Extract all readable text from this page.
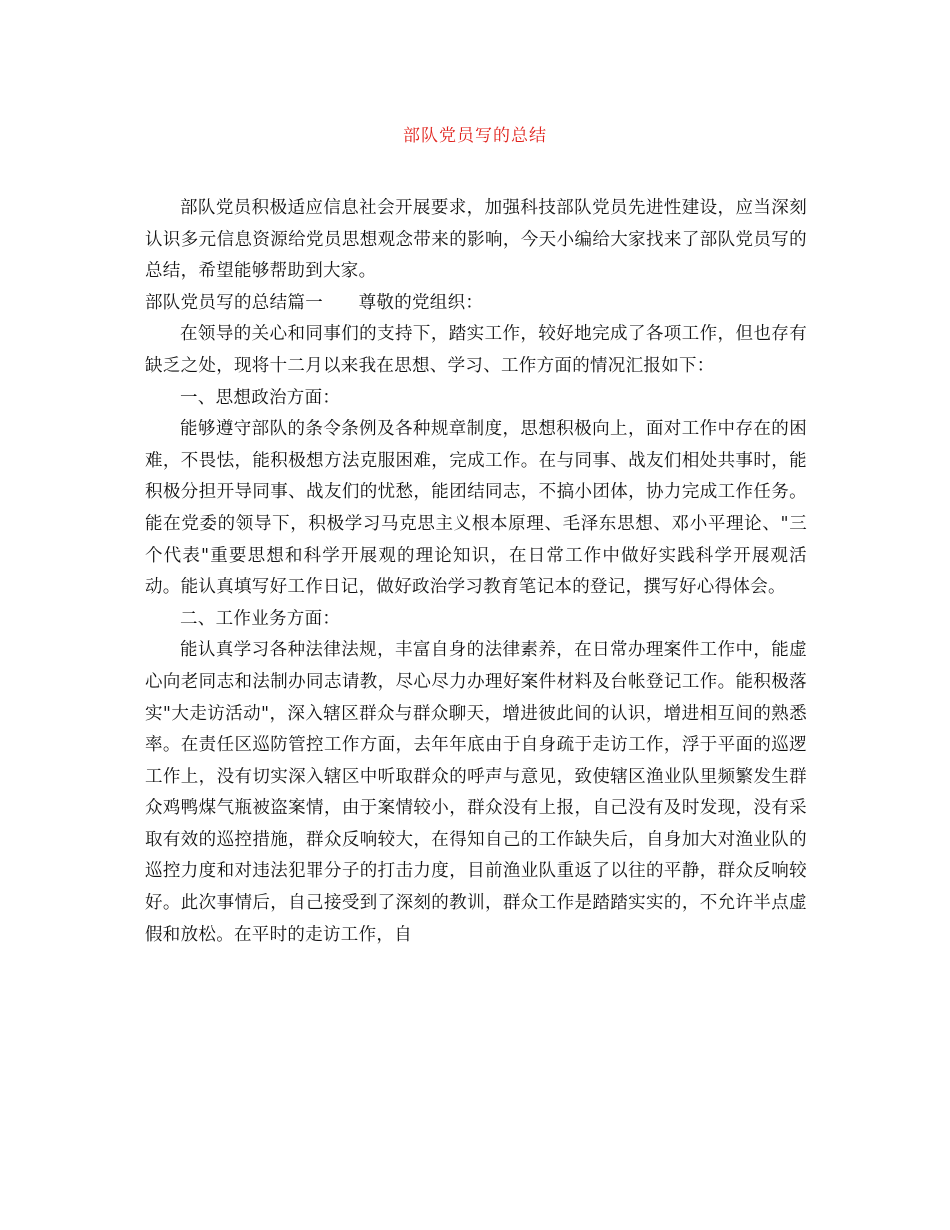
部队党员写的总结

部队党员积极适应信息社会开展要求，加强科技部队党员先进性建设，应当深刻认识多元信息资源给党员思想观念带来的影响，今天小编给大家找来了部队党员写的总结，希望能够帮助到大家。

部队党员写的总结篇一　　尊敬的党组织：

在领导的关心和同事们的支持下，踏实工作，较好地完成了各项工作，但也存有缺乏之处，现将十二月以来我在思想、学习、工作方面的情况汇报如下：

一、思想政治方面：

能够遵守部队的条令条例及各种规章制度，思想积极向上，面对工作中存在的困难，不畏怯，能积极想方法克服困难，完成工作。在与同事、战友们相处共事时，能积极分担开导同事、战友们的忧愁，能团结同志，不搞小团体，协力完成工作任务。能在党委的领导下，积极学习马克思主义根本原理、毛泽东思想、邓小平理论、"三个代表"重要思想和科学开展观的理论知识，在日常工作中做好实践科学开展观活动。能认真填写好工作日记，做好政治学习教育笔记本的登记，撰写好心得体会。

二、工作业务方面：

能认真学习各种法律法规，丰富自身的法律素养，在日常办理案件工作中，能虚心向老同志和法制办同志请教，尽心尽力办理好案件材料及台帐登记工作。能积极落实"大走访活动"，深入辖区群众与群众聊天，增进彼此间的认识，增进相互间的熟悉率。在责任区巡防管控工作方面，去年年底由于自身疏于走访工作，浮于平面的巡逻工作上，没有切实深入辖区中听取群众的呼声与意见，致使辖区渔业队里频繁发生群众鸡鸭煤气瓶被盗案情，由于案情较小，群众没有上报，自己没有及时发现，没有采取有效的巡控措施，群众反响较大，在得知自己的工作缺失后，自身加大对渔业队的巡控力度和对违法犯罪分子的打击力度，目前渔业队重返了以往的平静，群众反响较好。此次事情后，自己接受到了深刻的教训，群众工作是踏踏实实的，不允许半点虚假和放松。在平时的走访工作，自
